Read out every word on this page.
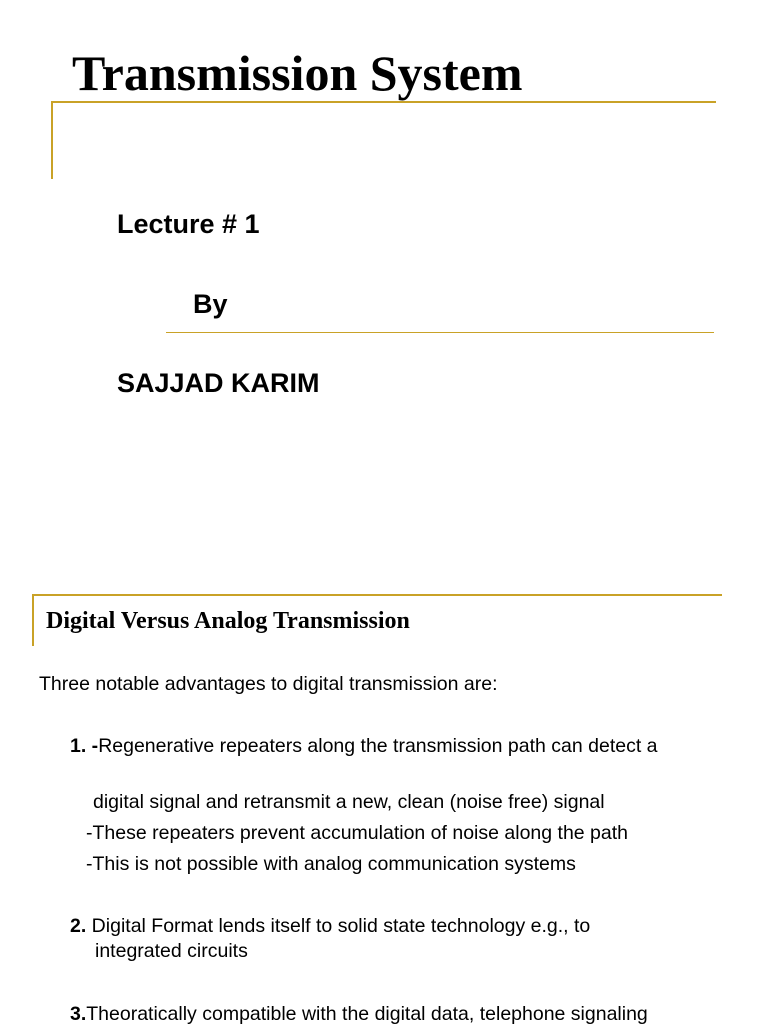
Transmission System
Lecture # 1
By
SAJJAD KARIM
Digital Versus Analog Transmission
Three notable advantages to digital transmission are:
1. -Regenerative repeaters along the transmission path can detect a
digital signal and retransmit a new, clean (noise free) signal
-These repeaters prevent accumulation of noise along the path
-This is not possible with analog communication systems
2. Digital Format lends itself to solid state technology e.g., to
integrated circuits
3.Theoratically compatible with the digital data, telephone signaling
